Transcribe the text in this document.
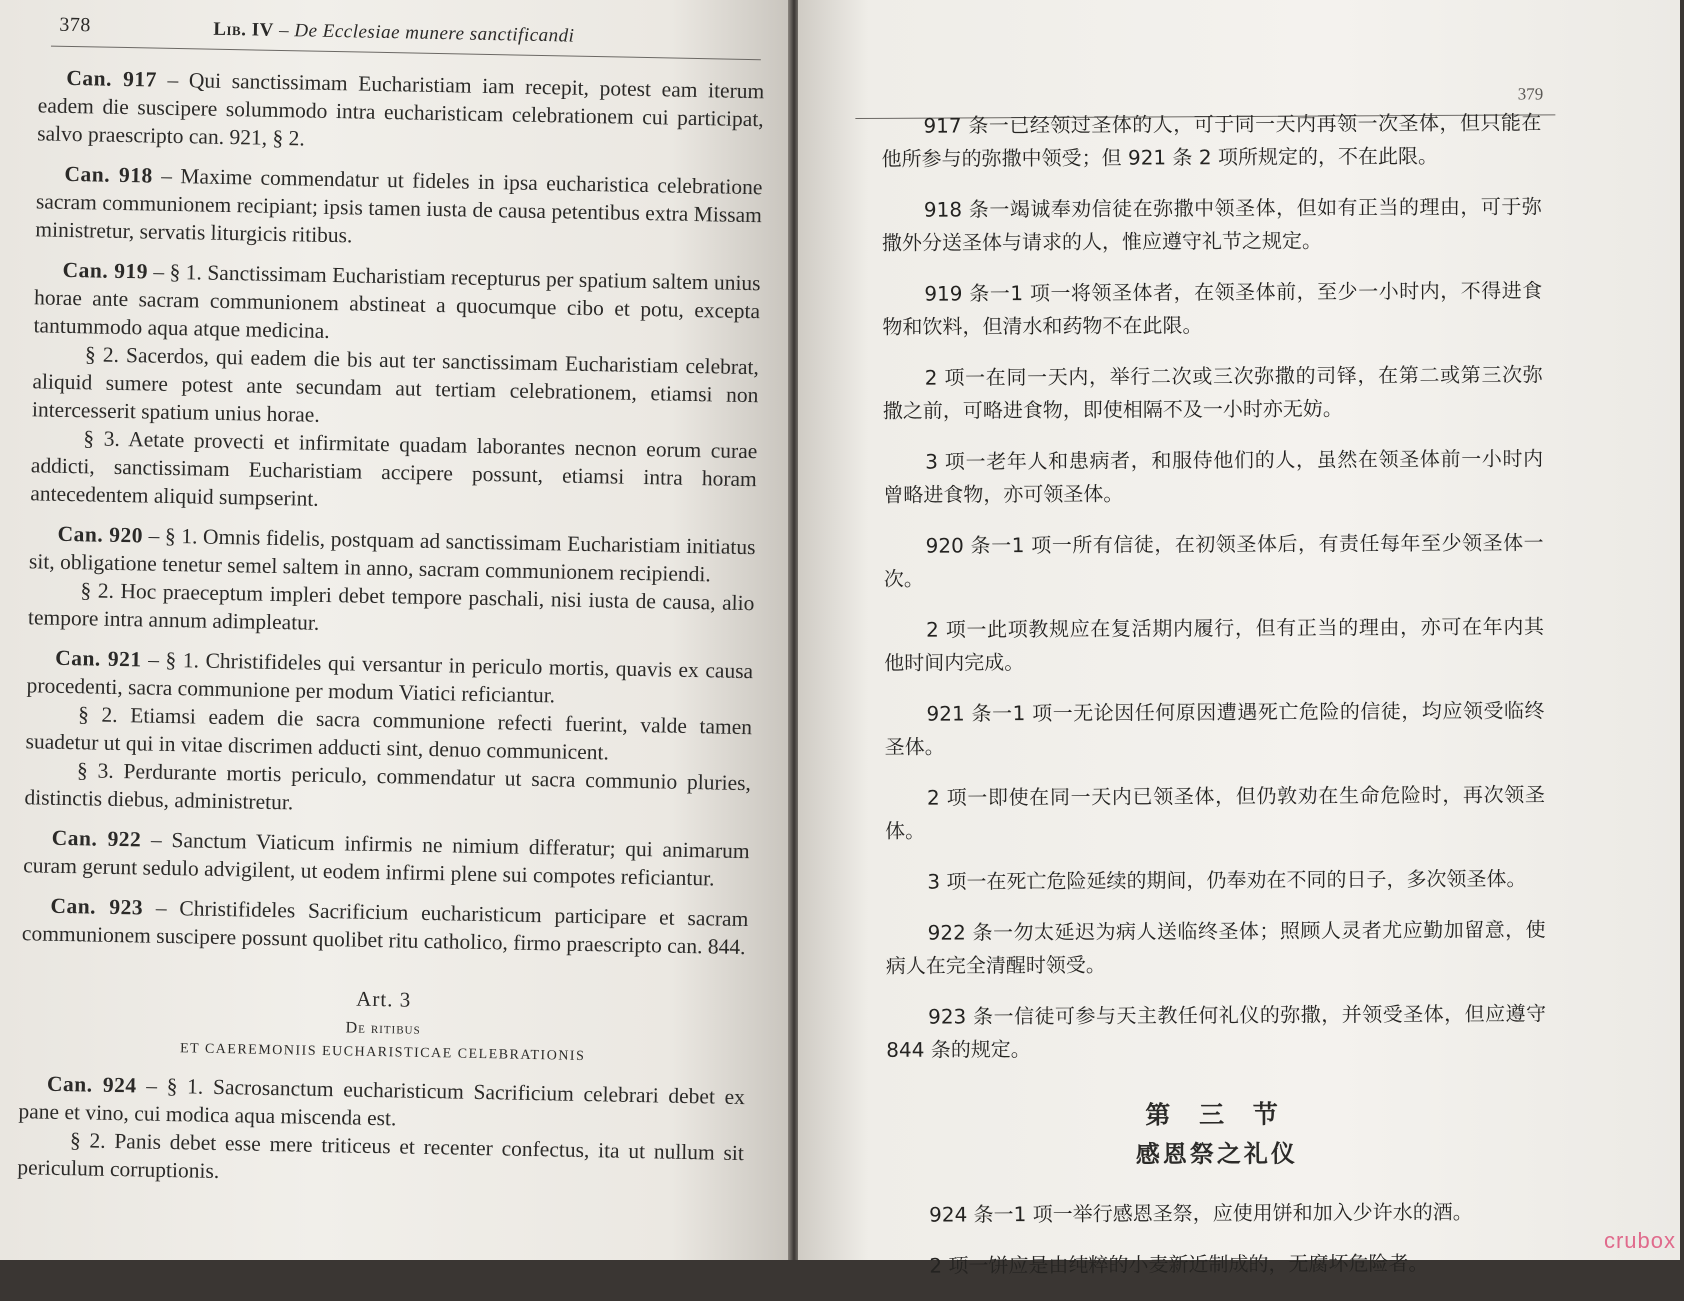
378	Lib. IV – De Ecclesiae munere sanctificandi

Can. 917 – Qui sanctissimam Eucharistiam iam recepit, potest eam iterum eadem die suscipere solummodo intra eucharisticam celebrationem cui participat, salvo praescripto can. 921, § 2.

Can. 918 – Maxime commendatur ut fideles in ipsa eucharistica celebratione sacram communionem recipiant; ipsis tamen iusta de causa petentibus extra Missam ministretur, servatis liturgicis ritibus.

Can. 919 – § 1. Sanctissimam Eucharistiam recepturus per spatium saltem unius horae ante sacram communionem abstineat a quocumque cibo et potu, excepta tantummodo aqua atque medicina.

§ 2. Sacerdos, qui eadem die bis aut ter sanctissimam Eucharistiam celebrat, aliquid sumere potest ante secundam aut tertiam celebrationem, etiamsi non intercesserit spatium unius horae.

§ 3. Aetate provecti et infirmitate quadam laborantes necnon eorum curae addicti, sanctissimam Eucharistiam accipere possunt, etiamsi intra horam antecedentem aliquid sumpserint.

Can. 920 – § 1. Omnis fidelis, postquam ad sanctissimam Eucharistiam initiatus sit, obligatione tenetur semel saltem in anno, sacram communionem recipiendi.

§ 2. Hoc praeceptum impleri debet tempore paschali, nisi iusta de causa, alio tempore intra annum adimpleatur.

Can. 921 – § 1. Christifideles qui versantur in periculo mortis, quavis ex causa procedenti, sacra communione per modum Viatici reficiantur.

§ 2. Etiamsi eadem die sacra communione refecti fuerint, valde tamen suadetur ut qui in vitae discrimen adducti sint, denuo communicent.

§ 3. Perdurante mortis periculo, commendatur ut sacra communio pluries, distinctis diebus, administretur.

Can. 922 – Sanctum Viaticum infirmis ne nimium differatur; qui animarum curam gerunt sedulo advigilent, ut eodem infirmi plene sui compotes reficiantur.

Can. 923 – Christifideles Sacrificium eucharisticum participare et sacram communionem suscipere possunt quolibet ritu catholico, firmo praescripto can. 844.

Art. 3
De ritibus
ET CAEREMONIIS EUCHARISTICAE CELEBRATIONIS

Can. 924 – § 1. Sacrosanctum eucharisticum Sacrificium celebrari debet ex pane et vino, cui modica aqua miscenda est.

§ 2. Panis debet esse mere triticeus et recenter confectus, ita ut nullum sit periculum corruptionis.

379

917 条一已经领过圣体的人，可于同一天内再领一次圣体，但只能在他所参与的弥撒中领受；但 921 条 2 项所规定的，不在此限。

918 条一竭诚奉劝信徒在弥撒中领圣体，但如有正当的理由，可于弥撒外分送圣体与请求的人，惟应遵守礼节之规定。

919 条一1 项一将领圣体者，在领圣体前，至少一小时内，不得进食物和饮料，但清水和药物不在此限。

2 项一在同一天内，举行二次或三次弥撒的司铎，在第二或第三次弥撒之前，可略进食物，即使相隔不及一小时亦无妨。

3 项一老年人和患病者，和服侍他们的人，虽然在领圣体前一小时内曾略进食物，亦可领圣体。

920 条一1 项一所有信徒，在初领圣体后，有责任每年至少领圣体一次。

2 项一此项教规应在复活期内履行，但有正当的理由，亦可在年内其他时间内完成。

921 条一1 项一无论因任何原因遭遇死亡危险的信徒，均应领受临终圣体。

2 项一即使在同一天内已领圣体，但仍敦劝在生命危险时，再次领圣体。

3 项一在死亡危险延续的期间，仍奉劝在不同的日子，多次领圣体。

922 条一勿太延迟为病人送临终圣体；照顾人灵者尤应勤加留意，使病人在完全清醒时领受。

923 条一信徒可参与天主教任何礼仪的弥撒，并领受圣体，但应遵守 844 条的规定。

第 三 节
感恩祭之礼仪

924 条一1 项一举行感恩圣祭，应使用饼和加入少许水的酒。

2 项一饼应是由纯粹的小麦新近制成的，无腐坏危险者。

crubox
